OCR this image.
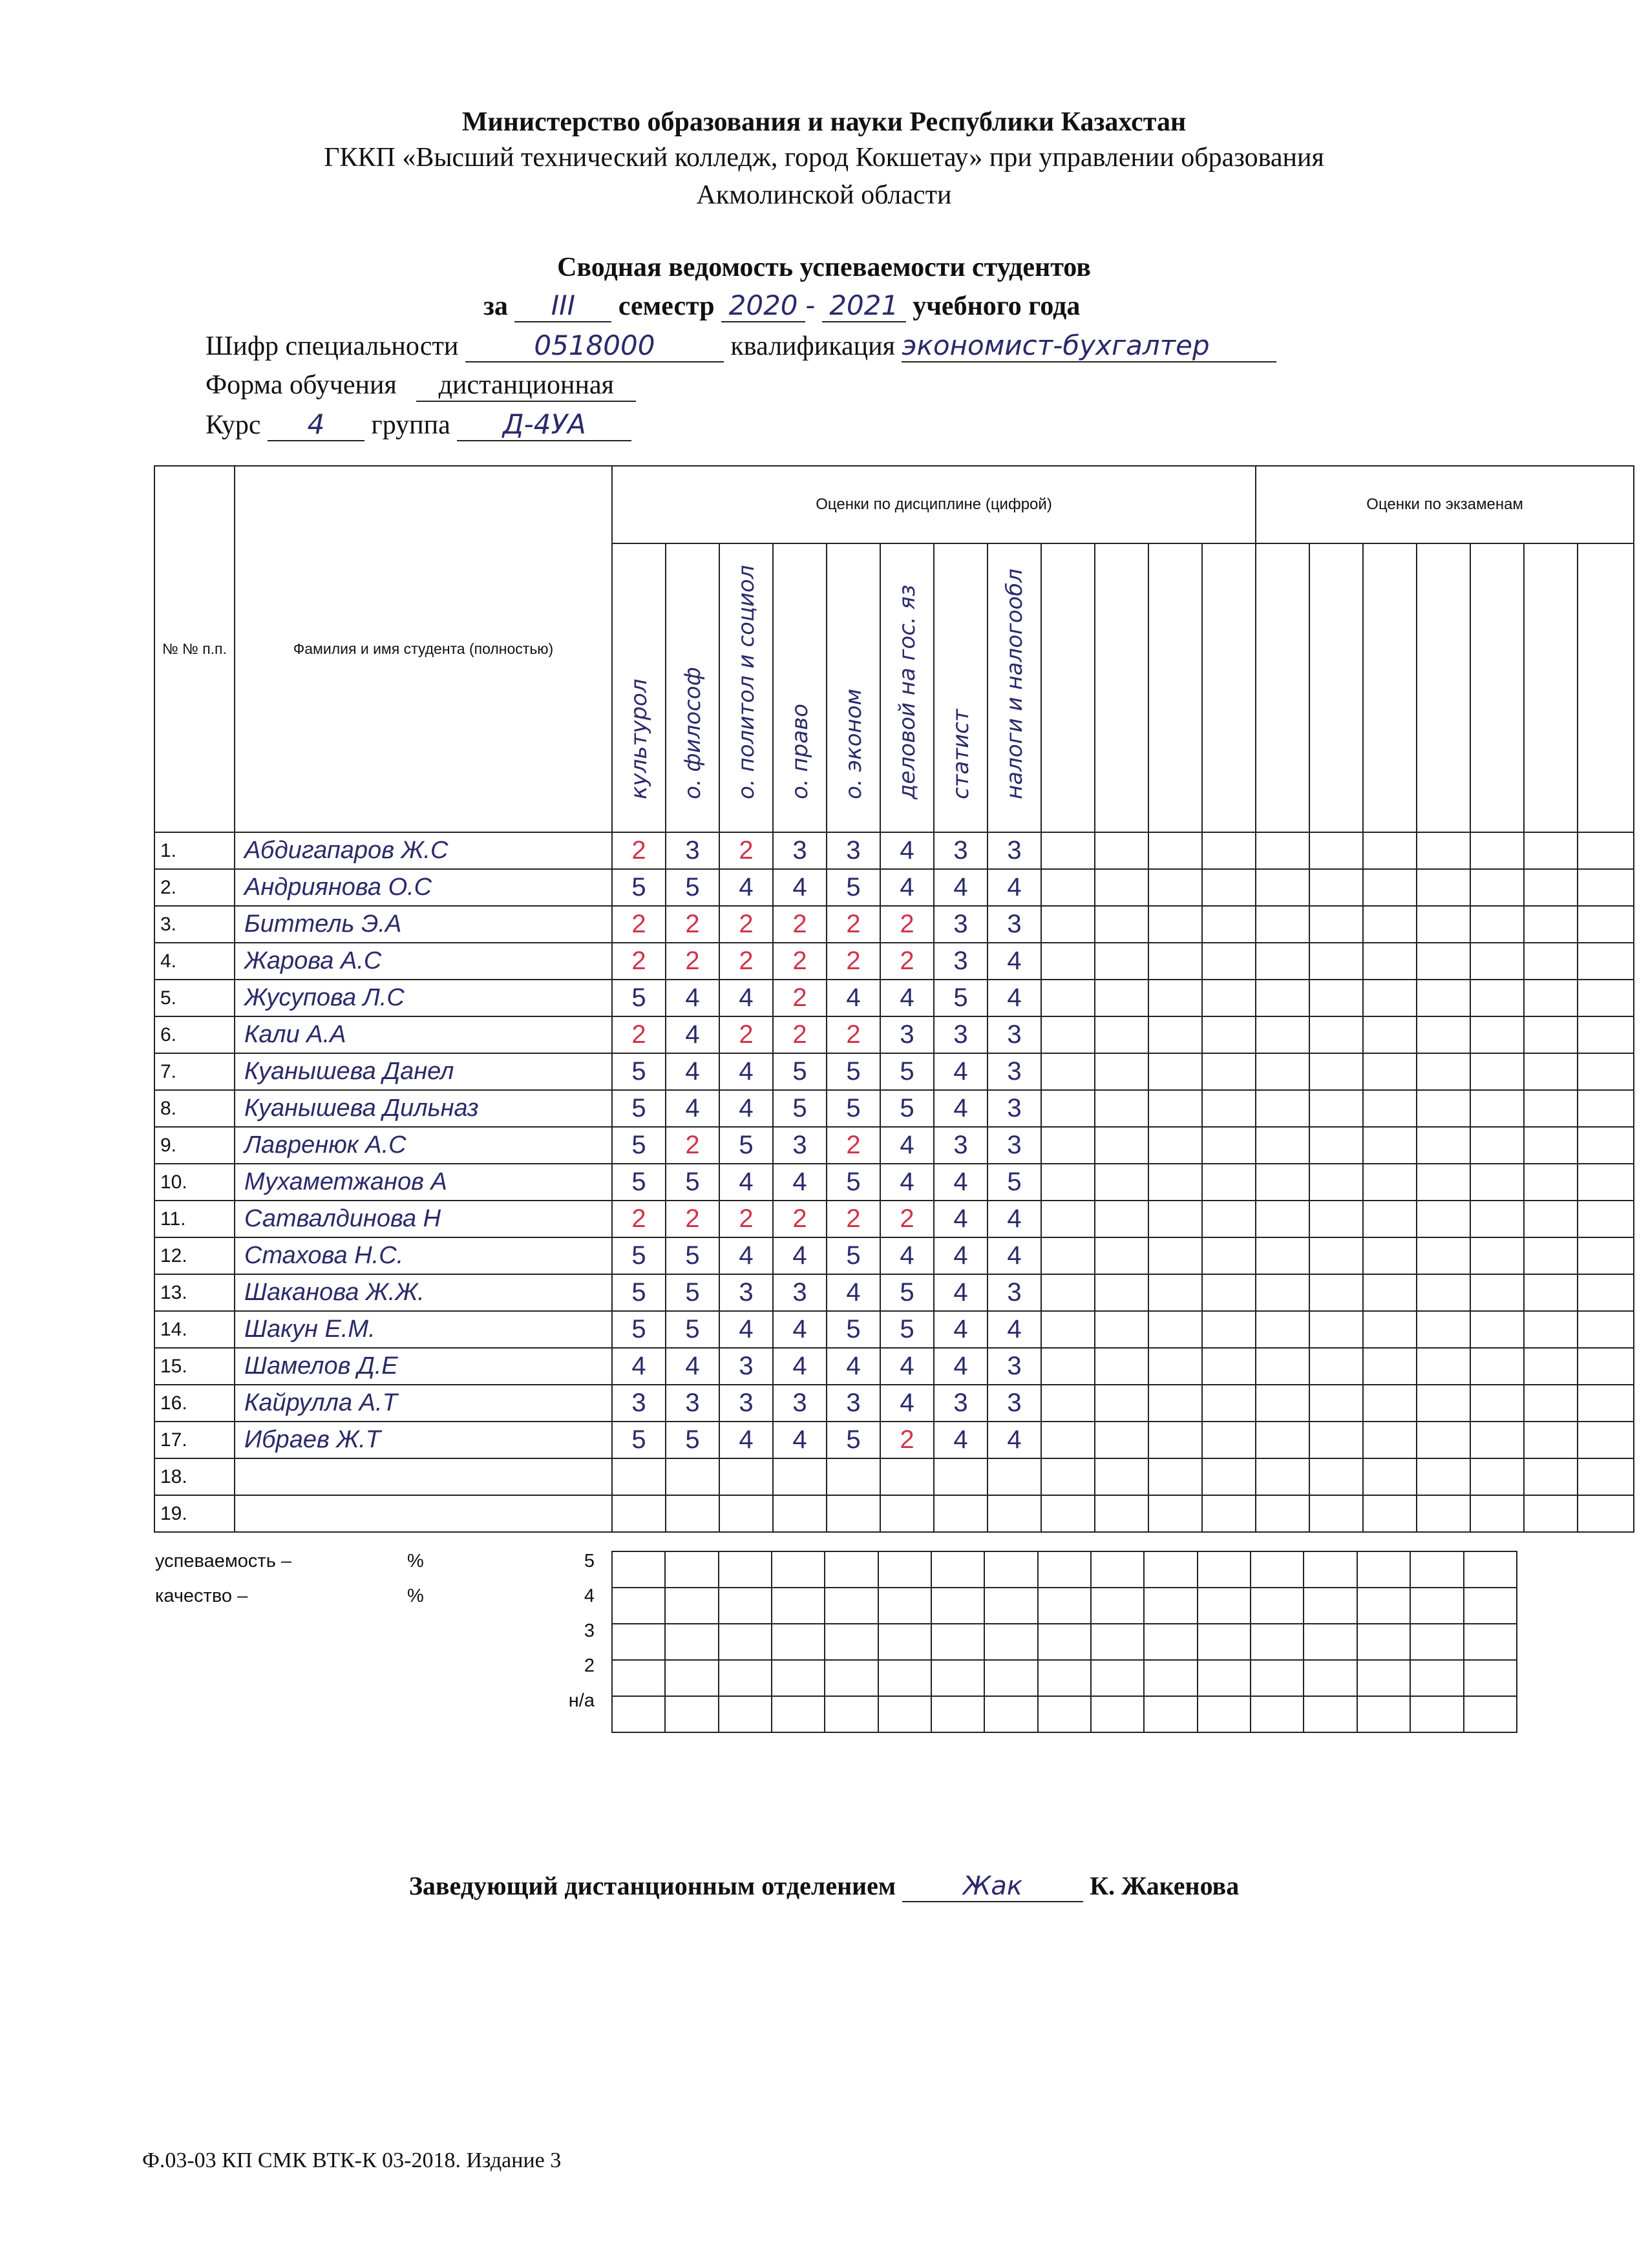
Министерство образования и науки Республики Казахстан
ГККП «Высший технический колледж, город Кокшетау» при управлении образования
Акмолинской области
Сводная ведомость успеваемости студентов
за III семестр 2020 - 2021 учебного года
Шифр специальности	0518000	квалификация экономист-бухгалтер
Форма обучения дистанционная
Курс 4 группа Д-4УА
№ № п.п.	Фамилия и имя студента (полностью)	Оценки по дисциплине (цифрой)												Оценки по экзаменам						

		культурол	о. философ	о. политол и социол	о. право	о. эконом	деловой на гос. яз	статист	налоги и налогообл											

1.	Абдигапаров Ж.С	2	3	2	3	3	4	3	3											
2.	Андриянова О.С	5	5	4	4	5	4	4	4											
3.	Биттель Э.А	2	2	2	2	2	2	3	3											
4.	Жарова А.С	2	2	2	2	2	2	3	4											
5.	Жусупова Л.С	5	4	4	2	4	4	5	4											
6.	Кали А.А	2	4	2	2	2	3	3	3											
7.	Куанышева Данел	5	4	4	5	5	5	4	3											
8.	Куанышева Дильназ	5	4	4	5	5	5	4	3											
9.	Лавренюк А.С	5	2	5	3	2	4	3	3											
10.	Мухаметжанов А	5	5	4	4	5	4	4	5											
11.	Сатвалдинова Н	2	2	2	2	2	2	4	4											
12.	Стахова Н.С.	5	5	4	4	5	4	4	4											
13.	Шаканова Ж.Ж.	5	5	3	3	4	5	4	3											
14.	Шакун Е.М.	5	5	4	4	5	5	4	4											
15.	Шамелов Д.Е	4	4	3	4	4	4	4	3											
16.	Кайрулла А.Т	3	3	3	3	3	4	3	3											
17.	Ибраев Ж.Т	5	5	4	4	5	2	4	4											
18.																				
19.																				
успеваемость –	%
качество –	%
5
4
3
2
н/а

Заведующий дистанционным отделением	Жак	К. Жакенова
Ф.03-03 КП СМК ВТК-К 03-2018. Издание 3
